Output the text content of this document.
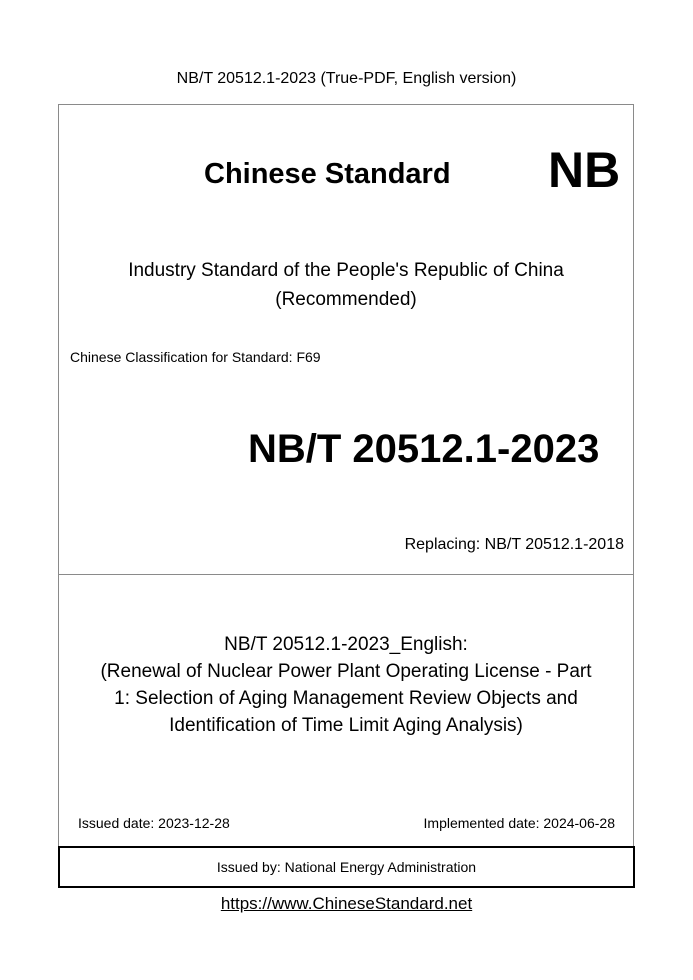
NB/T 20512.1-2023 (True-PDF, English version)
Chinese Standard NB
Industry Standard of the People's Republic of China
(Recommended)
Chinese Classification for Standard: F69
NB/T 20512.1-2023
Replacing: NB/T 20512.1-2018
NB/T 20512.1-2023_English:
(Renewal of Nuclear Power Plant Operating License - Part
1: Selection of Aging Management Review Objects and
Identification of Time Limit Aging Analysis)
Issued date: 2023-12-28	Implemented date: 2024-06-28
Issued by: National Energy Administration
https://www.ChineseStandard.net
